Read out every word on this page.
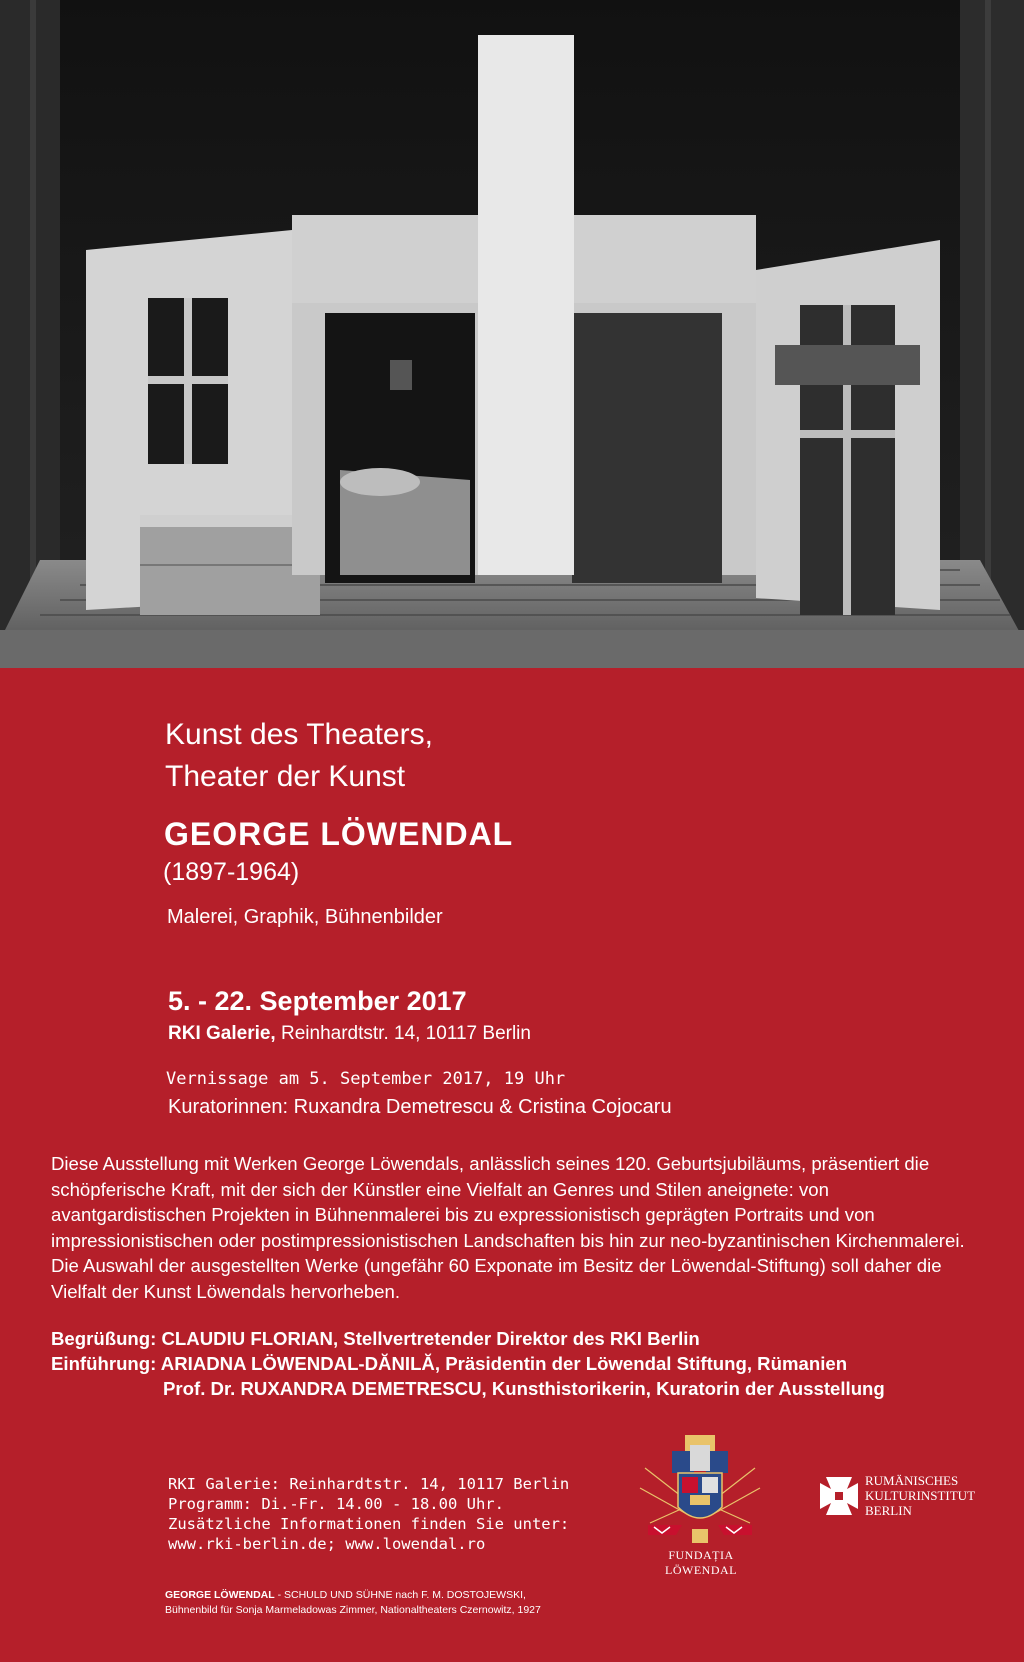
Kunst des Theaters,
Theater der Kunst
GEORGE LÖWENDAL
(1897-1964)
Malerei, Graphik, Bühnenbilder
5. - 22. September 2017
RKI Galerie, Reinhardtstr. 14, 10117 Berlin
Vernissage am 5. September 2017, 19 Uhr
Kuratorinnen: Ruxandra Demetrescu & Cristina Cojocaru

Diese Ausstellung mit Werken George Löwendals, anlässlich seines 120. Geburtsjubiläums, präsentiert die schöpferische Kraft, mit der sich der Künstler eine Vielfalt an Genres und Stilen aneignete: von avantgardistischen Projekten in Bühnenmalerei bis zu expressionistisch geprägten Portraits und von impressionistischen oder postimpressionistischen Landschaften bis hin zur neo-byzantinischen Kirchenmalerei. Die Auswahl der ausgestellten Werke (ungefähr 60 Exponate im Besitz der Löwendal-Stiftung) soll daher die Vielfalt der Kunst Löwendals hervorheben.

Begrüßung: CLAUDIU FLORIAN, Stellvertretender Direktor des RKI Berlin
Einführung: ARIADNA LÖWENDAL-DĂNILĂ, Präsidentin der Löwendal Stiftung, Rümanien
Prof. Dr. RUXANDRA DEMETRESCU, Kunsthistorikerin, Kuratorin der Ausstellung
RKI Galerie: Reinhardtstr. 14, 10117 Berlin
Programm: Di.-Fr. 14.00 - 18.00 Uhr.
Zusätzliche Informationen finden Sie unter:
www.rki-berlin.de; www.lowendal.ro
GEORGE LÖWENDAL - SCHULD UND SÜHNE nach F. M. DOSTOJEWSKI,
Bühnenbild für Sonja Marmeladowas Zimmer, Nationaltheaters Czernowitz, 1927
FUNDAȚIA LÖWENDAL
RUMÄNISCHES
KULTURINSTITUT
BERLIN
